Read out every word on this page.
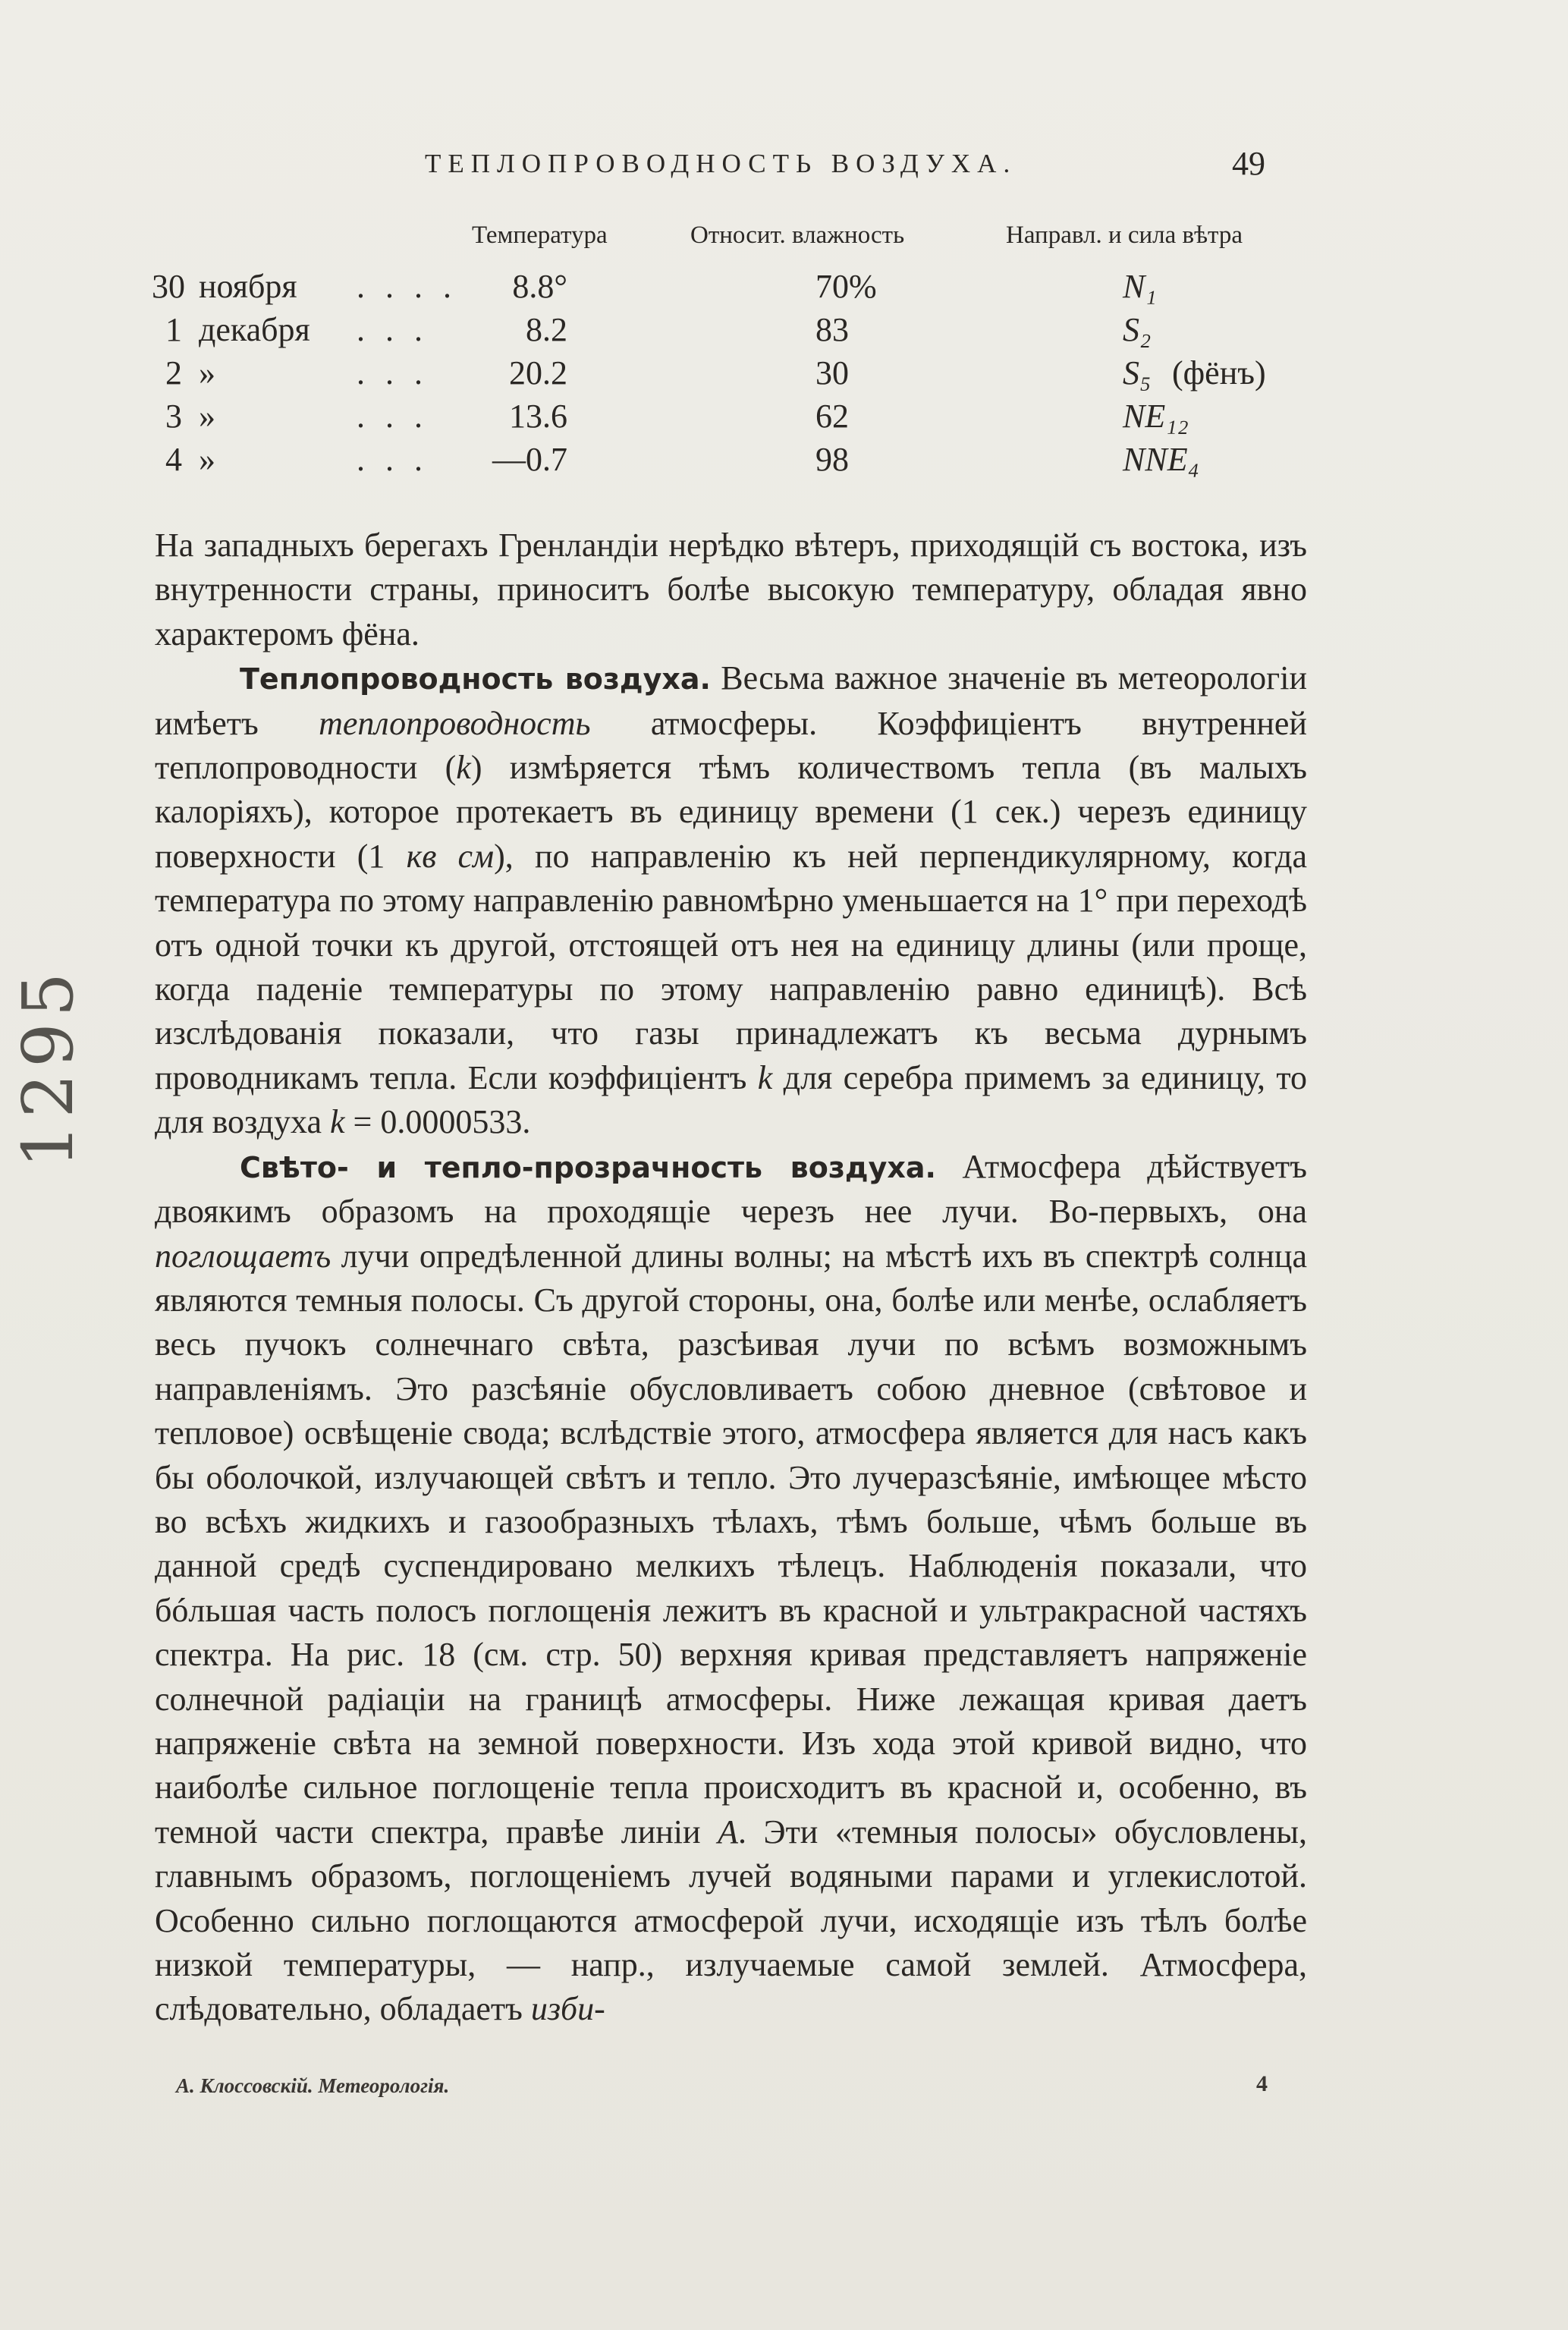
ТЕПЛОПРОВОДНОСТЬ ВОЗДУХА.	49
Температура	Относит. влажность	Направл. и сила вѣтра
30 ноября . . . .	8.8°	70%	N₁
1 декабря . . .	8.2	83	S₂
2 »	. . .	20.2	30	S₅ (фёнъ)
3 »	. . .	13.6	62	NE₁₂
4 »	. . . —0.7	98	NNE₄

На западныхъ берегахъ Гренландіи нерѣдко вѣтеръ, приходящій съ востока, изъ внутренности страны, приноситъ болѣе высокую температуру, обладая явно характеромъ фёна.

Теплопроводность воздуха. Весьма важное значеніе въ метеорологіи имѣетъ теплопроводность атмосферы. Коэффиціентъ внутренней теплопроводности (k) измѣряется тѣмъ количествомъ тепла (въ малыхъ калоріяхъ), которое протекаетъ въ единицу времени (1 сек.) черезъ единицу поверхности (1 кв см), по направленію къ ней перпендикулярному, когда температура по этому направленію равномѣрно уменьшается на 1° при переходѣ отъ одной точки къ другой, отстоящей отъ нея на единицу длины (или проще, когда паденіе температуры по этому направленію равно единицѣ). Всѣ изслѣдованія показали, что газы принадлежатъ къ весьма дурнымъ проводникамъ тепла. Если коэффиціентъ k для серебра примемъ за единицу, то для воздуха k = 0.0000533.

Свѣто- и тепло-прозрачность воздуха. Атмосфера дѣйствуетъ двоякимъ образомъ на проходящіе черезъ нее лучи. Во-первыхъ, она поглощаетъ лучи опредѣленной длины волны; на мѣстѣ ихъ въ спектрѣ солнца являются темныя полосы. Съ другой стороны, она, болѣе или менѣе, ослабляетъ весь пучокъ солнечнаго свѣта, разсѣивая лучи по всѣмъ возможнымъ направленіямъ. Это разсѣяніе обусловливаетъ собою дневное (свѣтовое и тепловое) освѣщеніе свода; вслѣдствіе этого, атмосфера является для насъ какъ бы оболочкой, излучающей свѣтъ и тепло. Это лучеразсѣяніе, имѣющее мѣсто во всѣхъ жидкихъ и газообразныхъ тѣлахъ, тѣмъ больше, чѣмъ больше въ данной средѣ суспендировано мелкихъ тѣлецъ. Наблюденія показали, что бóльшая часть полосъ поглощенія лежитъ въ красной и ультракрасной частяхъ спектра. На рис. 18 (см. стр. 50) верхняя кривая представляетъ напряженіе солнечной радіаціи на границѣ атмосферы. Ниже лежащая кривая даетъ напряженіе свѣта на земной поверхности. Изъ хода этой кривой видно, что наиболѣе сильное поглощеніе тепла происходитъ въ красной и, особенно, въ темной части спектра, правѣе линіи A. Эти «темныя полосы» обусловлены, главнымъ образомъ, поглощеніемъ лучей водяными парами и углекислотой. Особенно сильно поглощаются атмосферой лучи, исходящіе изъ тѣлъ болѣе низкой температуры, — напр., излучаемые самой землей. Атмосфера, слѣдовательно, обладаетъ изби-

А. Клоссовскій. Метеорологія.	4
1295
